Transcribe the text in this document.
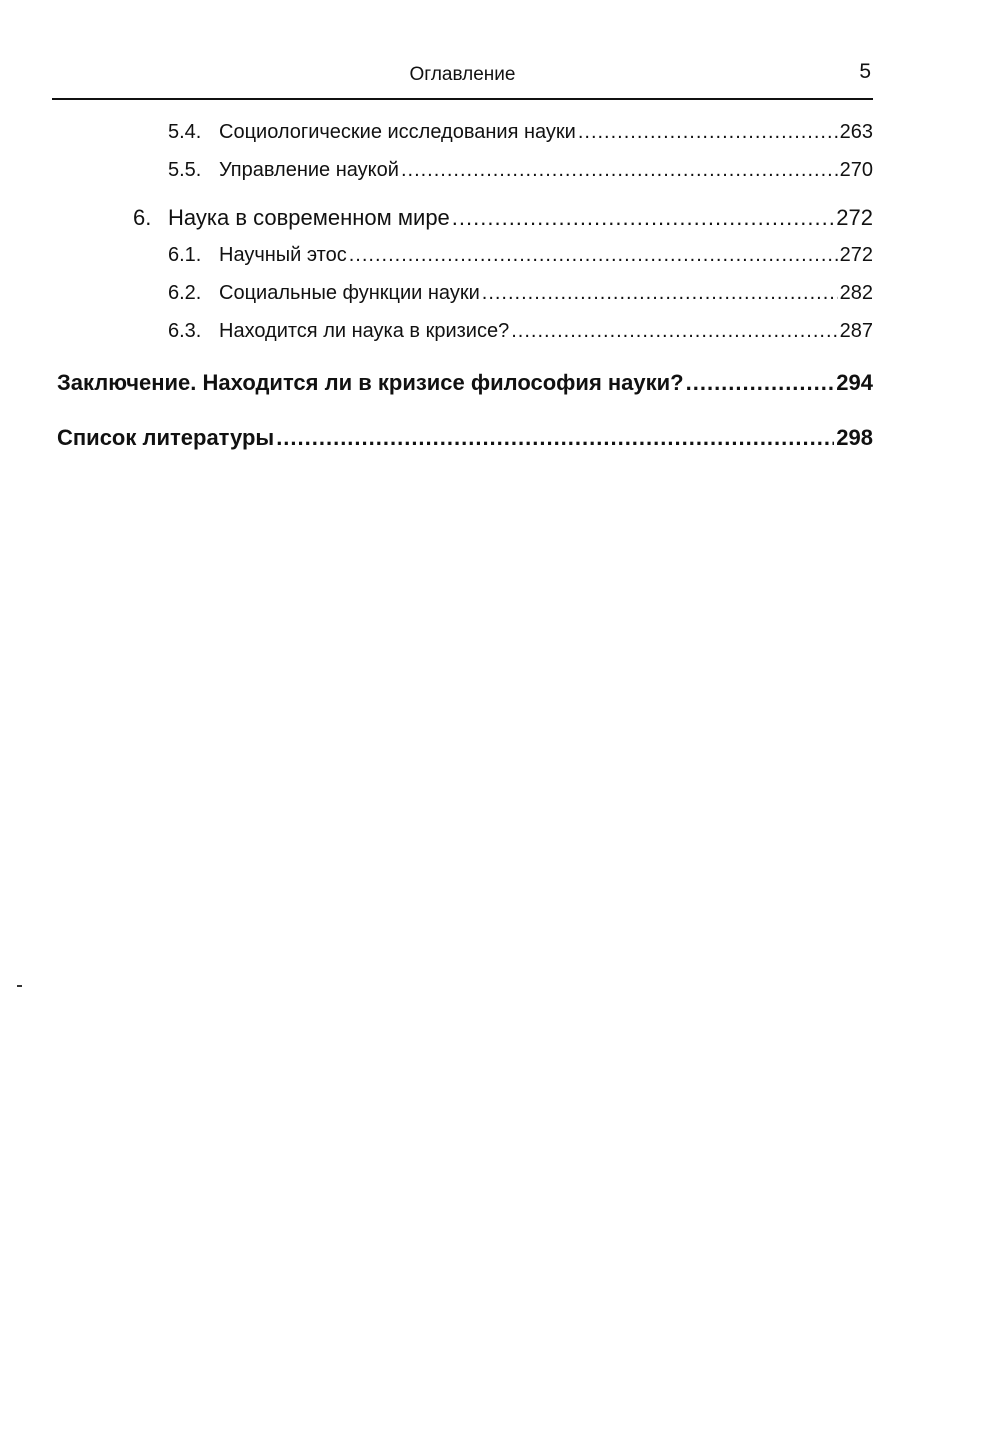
Оглавление	5
5.4. Социологические исследования науки .....	263
5.5. Управление наукой .....	270
6. Наука в современном мире .....	272
6.1. Научный этос .....	272
6.2. Социальные функции науки .....	282
6.3. Находится ли наука в кризисе? .....	287
Заключение. Находится ли в кризисе философия науки? .....	294
Список литературы .....	298
